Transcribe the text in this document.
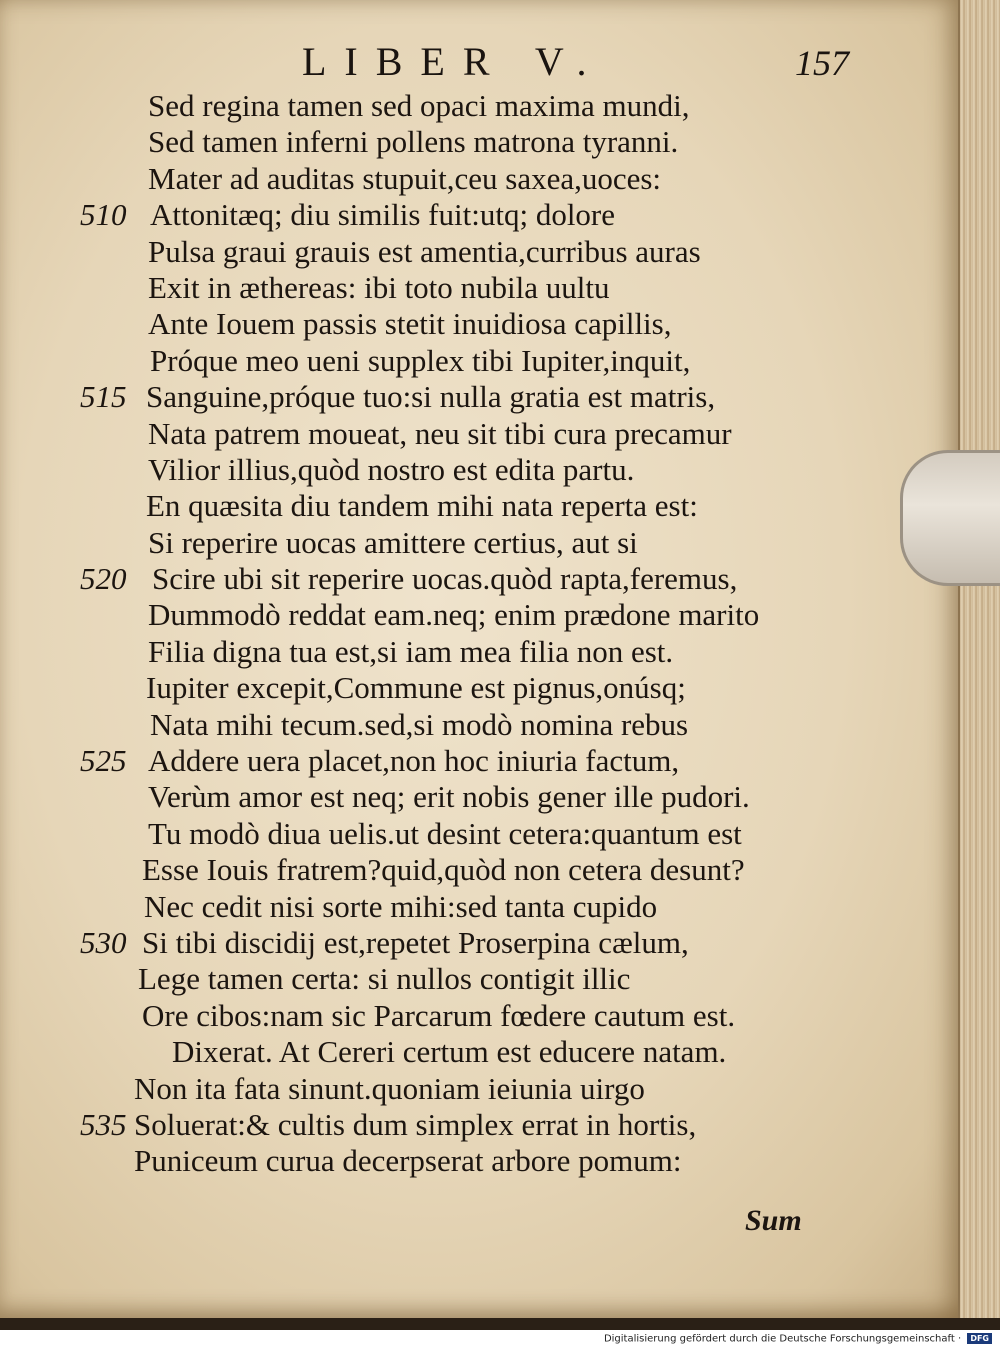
LIBER V.	157
Sed regina tamen sed opaci maxima mundi,
Sed tamen inferni pollens matrona tyranni.
Mater ad auditas stupuit,ceu saxea,uoces:
510 Attonitæq; diu similis fuit:utq; dolore
Pulsa graui grauis est amentia,curribus auras
Exit in æthereas: ibi toto nubila uultu
Ante Iouem passis stetit inuidiosa capillis,
Próque meo ueni supplex tibi Iupiter,inquit,
515 Sanguine,próque tuo:si nulla gratia est matris,
Nata patrem moueat, neu sit tibi cura precamur
Vilior illius,quòd nostro est edita partu.
En quæsita diu tandem mihi nata reperta est:
Si reperire uocas amittere certius, aut si
520 Scire ubi sit reperire uocas.quòd rapta,feremus,
Dummodò reddat eam.neq; enim prædone marito
Filia digna tua est,si iam mea filia non est.
Iupiter excepit,Commune est pignus,onúsq;
Nata mihi tecum.sed,si modò nomina rebus
525 Addere uera placet,non hoc iniuria factum,
Verùm amor est neq; erit nobis gener ille pudori.
Tu modò diua uelis.ut desint cetera:quantum est
Esse Iouis fratrem?quid,quòd non cetera desunt?
Nec cedit nisi sorte mihi:sed tanta cupido
530 Si tibi discidij est,repetet Proserpina cælum,
Lege tamen certa: si nullos contigit illic
Ore cibos:nam sic Parcarum fœdere cautum est.
Dixerat. At Cereri certum est educere natam.
Non ita fata sinunt.quoniam ieiunia uirgo
535 Soluerat:& cultis dum simplex errat in hortis,
Puniceum curua decerpserat arbore pomum:
Sum
Digitalisierung gefördert durch die Deutsche Forschungsgemeinschaft · DFG
